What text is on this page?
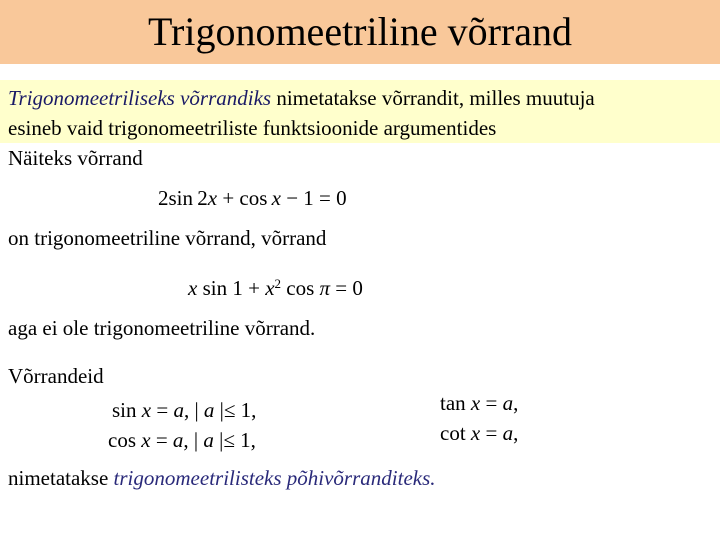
Trigonomeetriline võrrand
Trigonomeetriliseks võrrandiks nimetatakse võrrandit, milles muutuja
esineb vaid trigonomeetriliste funktsioonide argumentides
Näiteks võrrand
2sin  2x + cos  x − 1 = 0
on trigonomeetriline võrrand, võrrand
x $\sin 1 + x^2$ cos π = 0
aga ei ole trigonomeetriline võrrand.
Võrrandeid
sin x = a, | a |≤ 1,
cos x = a, | a |≤ 1,
tan x = a,
cot x = a,
nimetatakse trigonomeetrilisteks põhivõrranditeks.
